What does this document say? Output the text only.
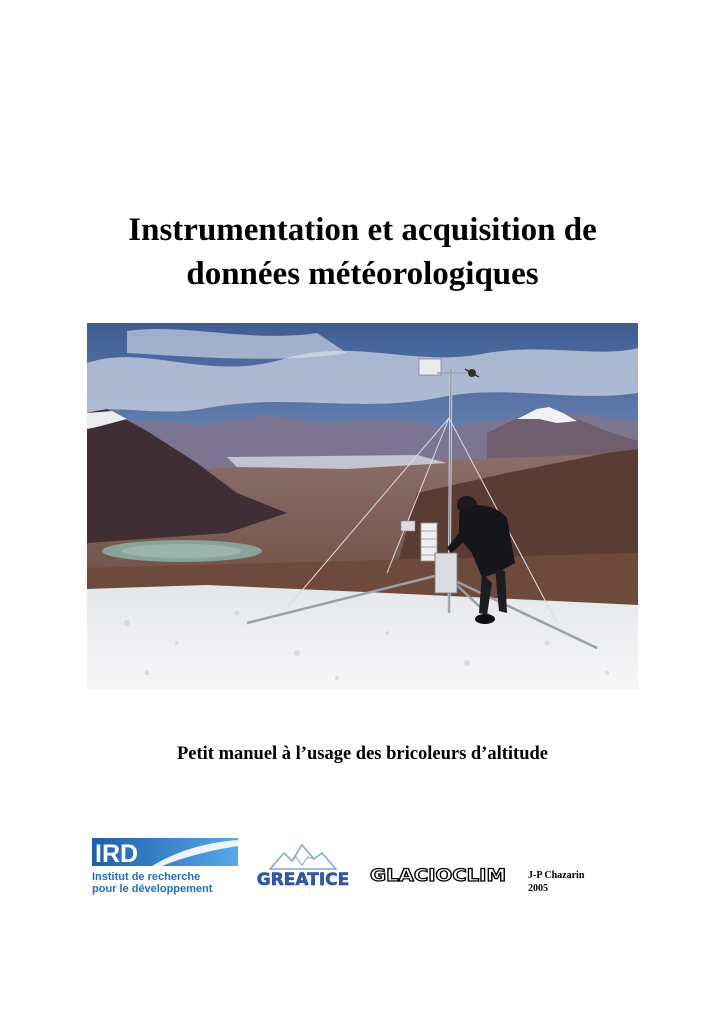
Instrumentation et acquisition de
données météorologiques
Petit manuel à l’usage des bricoleurs d’altitude
IRD
Institut de recherche
pour le développement	GREATICE GLACIOCLIM J-P Chazarin
2005
